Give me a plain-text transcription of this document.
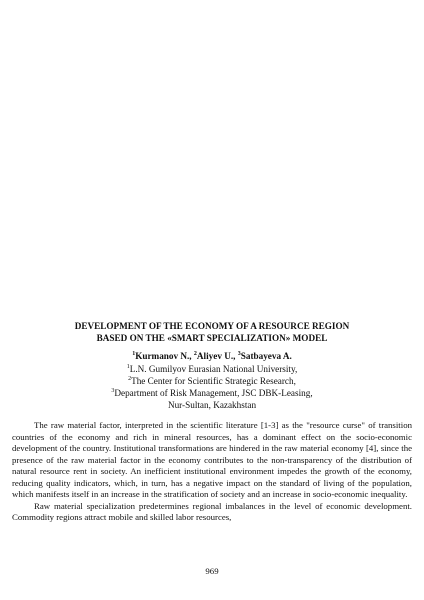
DEVELOPMENT OF THE ECONOMY OF A RESOURCE REGION
BASED ON THE «SMART SPECIALIZATION» MODEL
$^1$Kurmanov N., $^2$Aliyev U., $^3$Satbayeva A.
$^1$L.N. Gumilyov Eurasian National University,
$^2$The Center for Scientific Strategic Research,
$^3$Department of Risk Management, JSC DBK-Leasing,
Nur-Sultan, Kazakhstan

The raw material factor, interpreted in the scientific literature [1-3] as the "resource curse" of transition countries of the economy and rich in mineral resources, has a dominant effect on the socio-economic development of the country. Institutional transformations are hindered in the raw material economy [4], since the presence of the raw material factor in the economy contributes to the non-transparency of the distribution of natural resource rent in society. An inefficient institutional environment impedes the growth of the economy, reducing quality indicators, which, in turn, has a negative impact on the standard of living of the population, which manifests itself in an increase in the stratification of society and an increase in socio-economic inequality.

Raw material specialization predetermines regional imbalances in the level of economic development. Commodity regions attract mobile and skilled labor resources,

969
